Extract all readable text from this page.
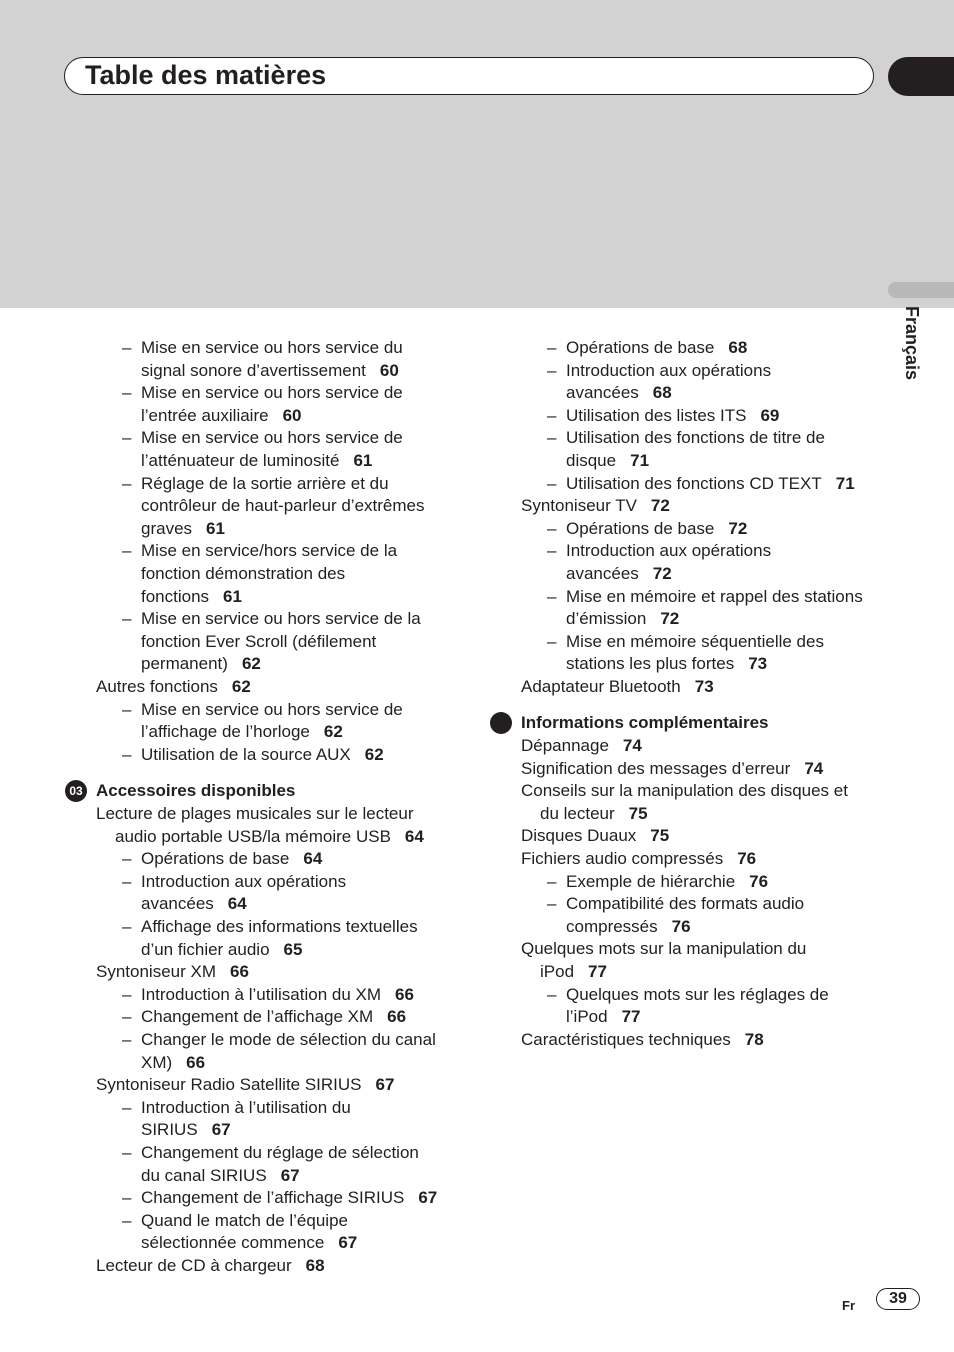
Table des matières
Français
– Mise en service ou hors service du
signal sonore d’avertissement 60
– Mise en service ou hors service de
l’entrée auxiliaire 60
– Mise en service ou hors service de
l’atténuateur de luminosité 61
– Réglage de la sortie arrière et du
contrôleur de haut-parleur d’extrêmes
graves 61
– Mise en service/hors service de la
fonction démonstration des
fonctions 61
– Mise en service ou hors service de la
fonction Ever Scroll (défilement
permanent) 62
Autres fonctions 62
– Mise en service ou hors service de
l’affichage de l’horloge 62
– Utilisation de la source AUX 62
03 Accessoires disponibles
Lecture de plages musicales sur le lecteur
audio portable USB/la mémoire USB 64
– Opérations de base 64
– Introduction aux opérations
avancées 64
– Affichage des informations textuelles
d’un fichier audio 65
Syntoniseur XM 66
– Introduction à l’utilisation du XM 66
– Changement de l’affichage XM 66
– Changer le mode de sélection du canal
XM) 66
Syntoniseur Radio Satellite SIRIUS 67
– Introduction à l’utilisation du
SIRIUS 67
– Changement du réglage de sélection
du canal SIRIUS 67
– Changement de l’affichage SIRIUS 67
– Quand le match de l’équipe
sélectionnée commence 67
Lecteur de CD à chargeur 68
– Opérations de base 68
– Introduction aux opérations
avancées 68
– Utilisation des listes ITS 69
– Utilisation des fonctions de titre de
disque 71
– Utilisation des fonctions CD TEXT 71
Syntoniseur TV 72
– Opérations de base 72
– Introduction aux opérations
avancées 72
– Mise en mémoire et rappel des stations
d’émission 72
– Mise en mémoire séquentielle des
stations les plus fortes 73
Adaptateur Bluetooth 73
Informations complémentaires
Dépannage 74
Signification des messages d’erreur 74
Conseils sur la manipulation des disques et
du lecteur 75
Disques Duaux 75
Fichiers audio compressés 76
– Exemple de hiérarchie 76
– Compatibilité des formats audio
compressés 76
Quelques mots sur la manipulation du
iPod 77
– Quelques mots sur les réglages de
l’iPod 77
Caractéristiques techniques 78
Fr	39
